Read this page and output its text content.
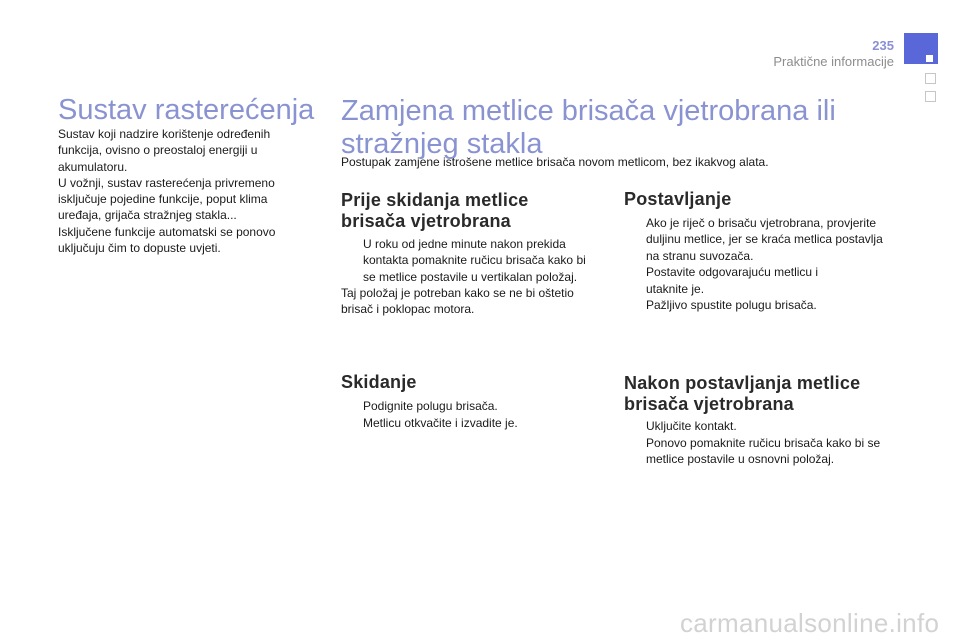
235
Praktične informacije
Sustav rasterećenja
Sustav koji nadzire korištenje određenih
funkcija, ovisno o preostaloj energiji u
akumulatoru.
U vožnji, sustav rasterećenja privremeno
isključuje pojedine funkcije, poput klima
uređaja, grijača stražnjeg stakla...
Isključene funkcije automatski se ponovo
uključuju čim to dopuste uvjeti.
Zamjena metlice brisača vjetrobrana ili
stražnjeg stakla
Postupak zamjene istrošene metlice brisača novom metlicom, bez ikakvog alata.
Prije skidanja metlice
brisača vjetrobrana
U roku od jedne minute nakon prekida kontakta pomaknite ručicu brisača kako bi se metlice postavile u vertikalan položaj.

Taj položaj je potreban kako se ne bi oštetio brisač i poklopac motora.

Skidanje
Podignite polugu brisača.
Metlicu otkvačite i izvadite je.
Postavljanje
Ako je riječ o brisaču vjetrobrana, provjerite duljinu metlice, jer se kraća metlica postavlja na stranu suvozača.
Postavite odgovarajuću metlicu i utaknite je.
Pažljivo spustite polugu brisača.
Nakon postavljanja metlice
brisača vjetrobrana
Uključite kontakt.
Ponovo pomaknite ručicu brisača kako bi se metlice postavile u osnovni položaj.
carmanualsonline.info
